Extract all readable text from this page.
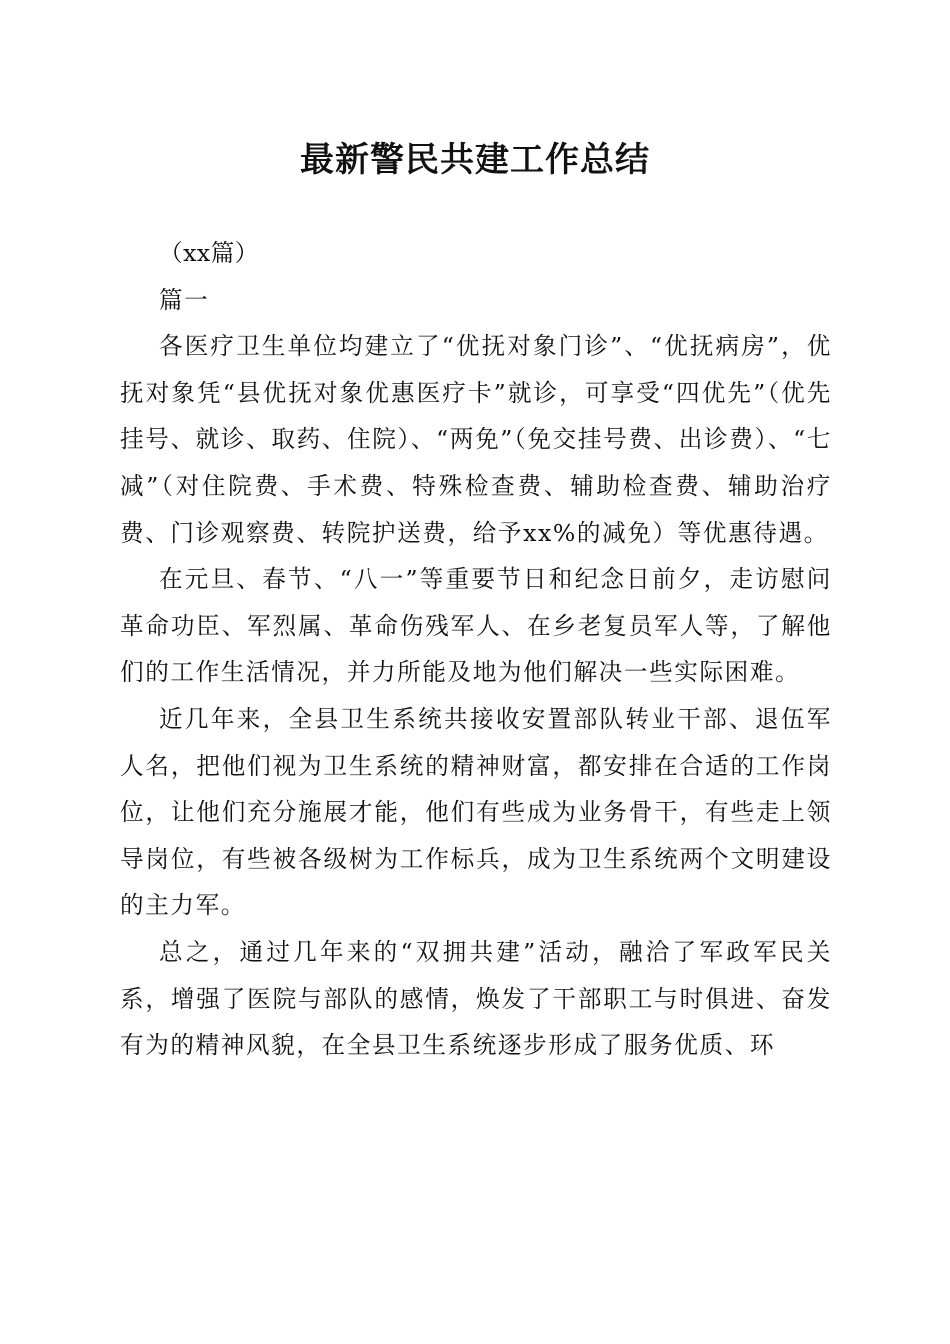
最新警民共建工作总结

（xx篇）

篇一

各医疗卫生单位均建立了“优抚对象门诊”、“优抚病房”，优抚对象凭“县优抚对象优惠医疗卡”就诊，可享受“四优先”（优先挂号、就诊、取药、住院）、“两免”（免交挂号费、出诊费）、“七减”（对住院费、手术费、特殊检查费、辅助检查费、辅助治疗费、门诊观察费、转院护送费，给予xx%的减免）等优惠待遇。

在元旦、春节、“八一”等重要节日和纪念日前夕，走访慰问革命功臣、军烈属、革命伤残军人、在乡老复员军人等，了解他们的工作生活情况，并力所能及地为他们解决一些实际困难。

近几年来，全县卫生系统共接收安置部队转业干部、退伍军人名，把他们视为卫生系统的精神财富，都安排在合适的工作岗位，让他们充分施展才能，他们有些成为业务骨干，有些走上领导岗位，有些被各级树为工作标兵，成为卫生系统两个文明建设的主力军。

总之，通过几年来的“双拥共建”活动，融洽了军政军民关系，增强了医院与部队的感情，焕发了干部职工与时俱进、奋发有为的精神风貌，在全县卫生系统逐步形成了服务优质、环
